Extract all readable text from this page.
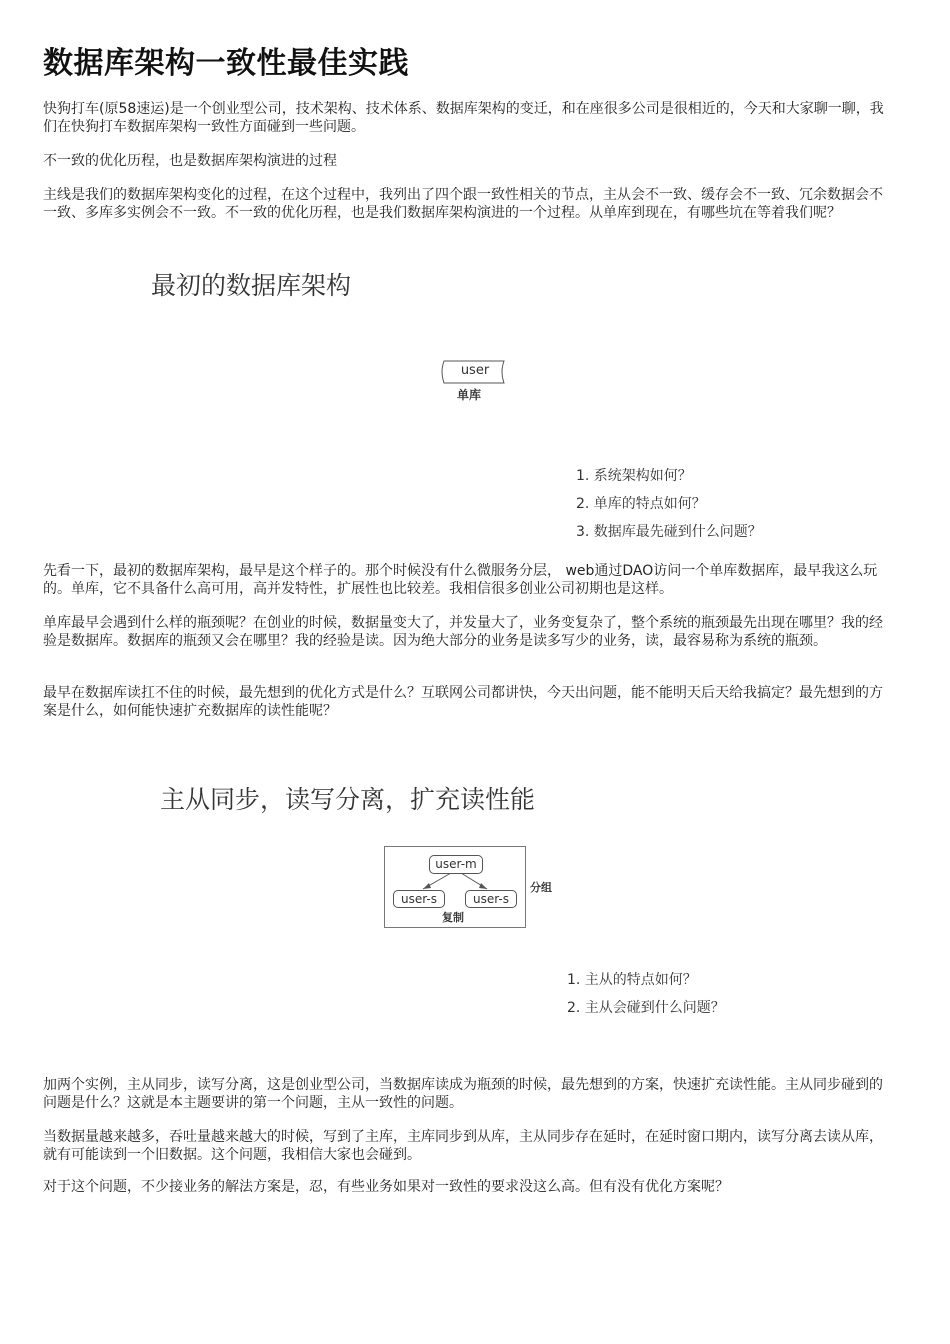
数据库架构一致性最佳实践

快狗打车(原58速运)是一个创业型公司，技术架构、技术体系、数据库架构的变迁，和在座很多公司是很相近的，今天和大家聊一聊，我们在快狗打车数据库架构一致性方面碰到一些问题。

不一致的优化历程，也是数据库架构演进的过程

主线是我们的数据库架构变化的过程，在这个过程中，我列出了四个跟一致性相关的节点，主从会不一致、缓存会不一致、冗余数据会不一致、多库多实例会不一致。不一致的优化历程，也是我们数据库架构演进的一个过程。从单库到现在，有哪些坑在等着我们呢？

最初的数据库架构
user
单库
1. 系统架构如何？
2. 单库的特点如何？
3. 数据库最先碰到什么问题？

先看一下，最初的数据库架构，最早是这个样子的。那个时候没有什么微服务分层， web通过DAO访问一个单库数据库，最早我这么玩的。单库，它不具备什么高可用，高并发特性，扩展性也比较差。我相信很多创业公司初期也是这样。

单库最早会遇到什么样的瓶颈呢？在创业的时候，数据量变大了，并发量大了，业务变复杂了，整个系统的瓶颈最先出现在哪里？我的经验是数据库。数据库的瓶颈又会在哪里？我的经验是读。因为绝大部分的业务是读多写少的业务，读，最容易称为系统的瓶颈。

最早在数据库读扛不住的时候，最先想到的优化方式是什么？互联网公司都讲快，今天出问题，能不能明天后天给我搞定？最先想到的方案是什么，如何能快速扩充数据库的读性能呢？

主从同步，读写分离，扩充读性能
user-m
user-s	user-s
复制
分组
1. 主从的特点如何？
2. 主从会碰到什么问题？

加两个实例，主从同步，读写分离，这是创业型公司，当数据库读成为瓶颈的时候，最先想到的方案，快速扩充读性能。主从同步碰到的问题是什么？这就是本主题要讲的第一个问题，主从一致性的问题。

当数据量越来越多，吞吐量越来越大的时候，写到了主库，主库同步到从库，主从同步存在延时，在延时窗口期内，读写分离去读从库，就有可能读到一个旧数据。这个问题，我相信大家也会碰到。

对于这个问题，不少接业务的解法方案是，忍，有些业务如果对一致性的要求没这么高。但有没有优化方案呢？
